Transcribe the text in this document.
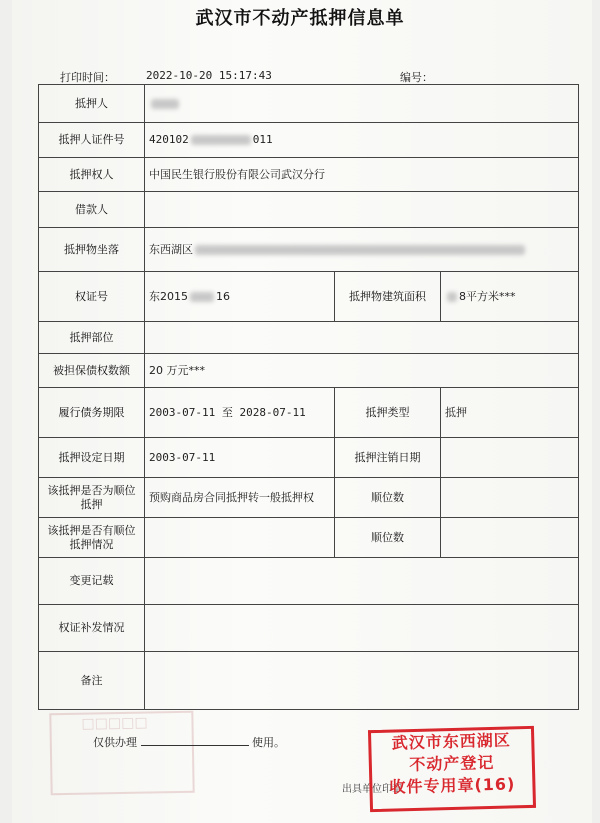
武汉市不动产抵押信息单
打印时间：	2022-10-20 15:17:43	编号：
抵押人			
抵押人证件号	420102 011		
抵押权人	中国民生银行股份有限公司武汉分行		
借款人			
抵押物坐落	东西湖区		
权证号	东2015 16	抵押物建筑面积	8平方米***
抵押部位			
被担保债权数额	20 万元***		
履行债务期限	2003-07-11 至 2028-07-11	抵押类型	抵押
抵押设定日期	2003-07-11	抵押注销日期	
该抵押是否为顺位抵押	预购商品房合同抵押转一般抵押权	顺位数	
该抵押是否有顺位抵押情况		顺位数	
变更记载			
权证补发情况			
备注			
□□□□□
仅供办理	使用。
出具单位印章
武汉市东西湖区
不动产登记
收件专用章(16)
